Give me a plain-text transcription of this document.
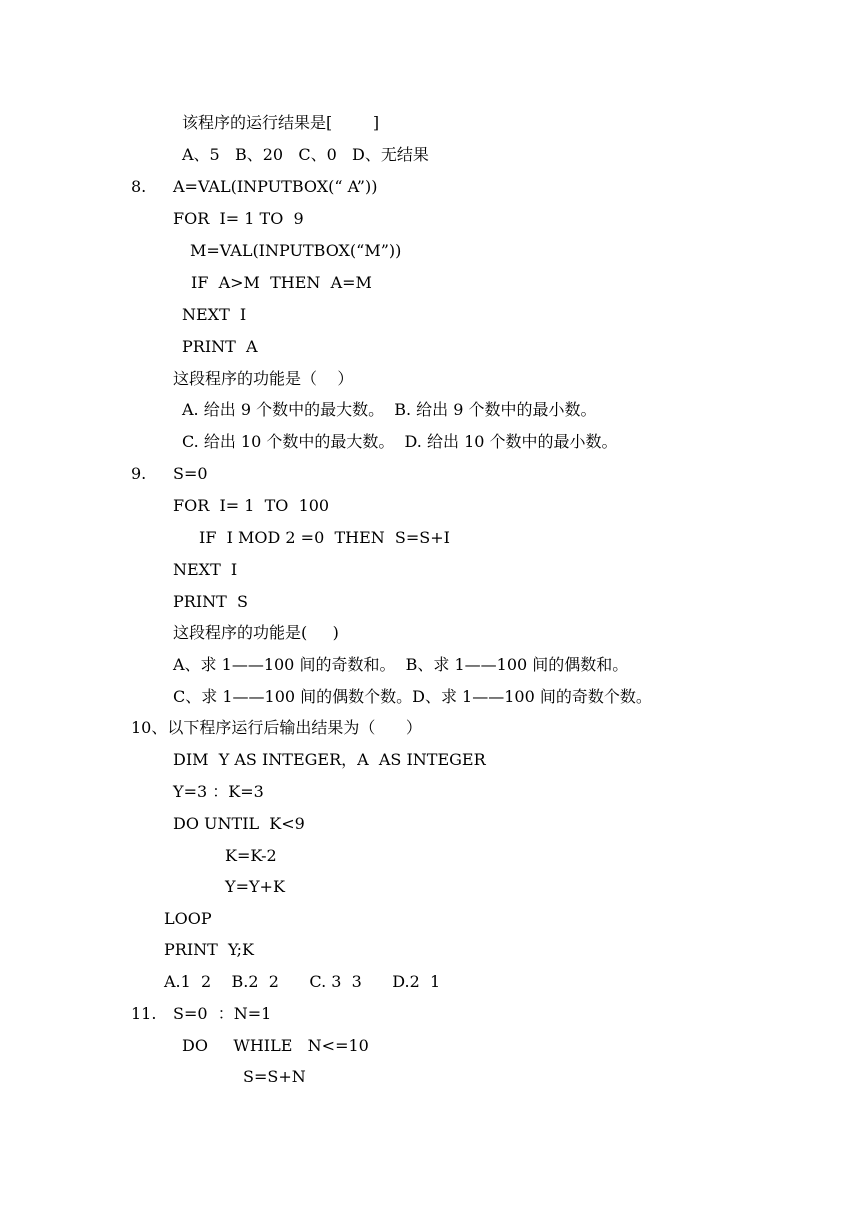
该程序的运行结果是[        ]
A、5   B、20   C、0   D、无结果
8. A=VAL(INPUTBOX(“ A”))
FOR  I= 1 TO  9
M=VAL(INPUTBOX(“M”))
IF  A>M  THEN  A=M
NEXT  I
PRINT  A
这段程序的功能是（    ）
A. 给出 9 个数中的最大数。  B. 给出 9 个数中的最小数。
C. 给出 10 个数中的最大数。  D. 给出 10 个数中的最小数。
9. S=0
FOR  I= 1  TO  100
IF  I MOD 2 =0  THEN  S=S+I
NEXT  I
PRINT  S
这段程序的功能是(     )
A、求 1——100 间的奇数和。  B、求 1——100 间的偶数和。
C、求 1——100 间的偶数个数。D、求 1——100 间的奇数个数。
10、以下程序运行后输出结果为（      ）
DIM  Y AS INTEGER，A  AS INTEGER
Y=3 ：K=3
DO UNTIL  K<9
K=K-2
Y=Y+K
LOOP
PRINT  Y;K
A.1  2    B.2  2      C. 3  3      D.2  1
11. S=0  ：N=1
DO     WHILE   N<=10
S=S+N
